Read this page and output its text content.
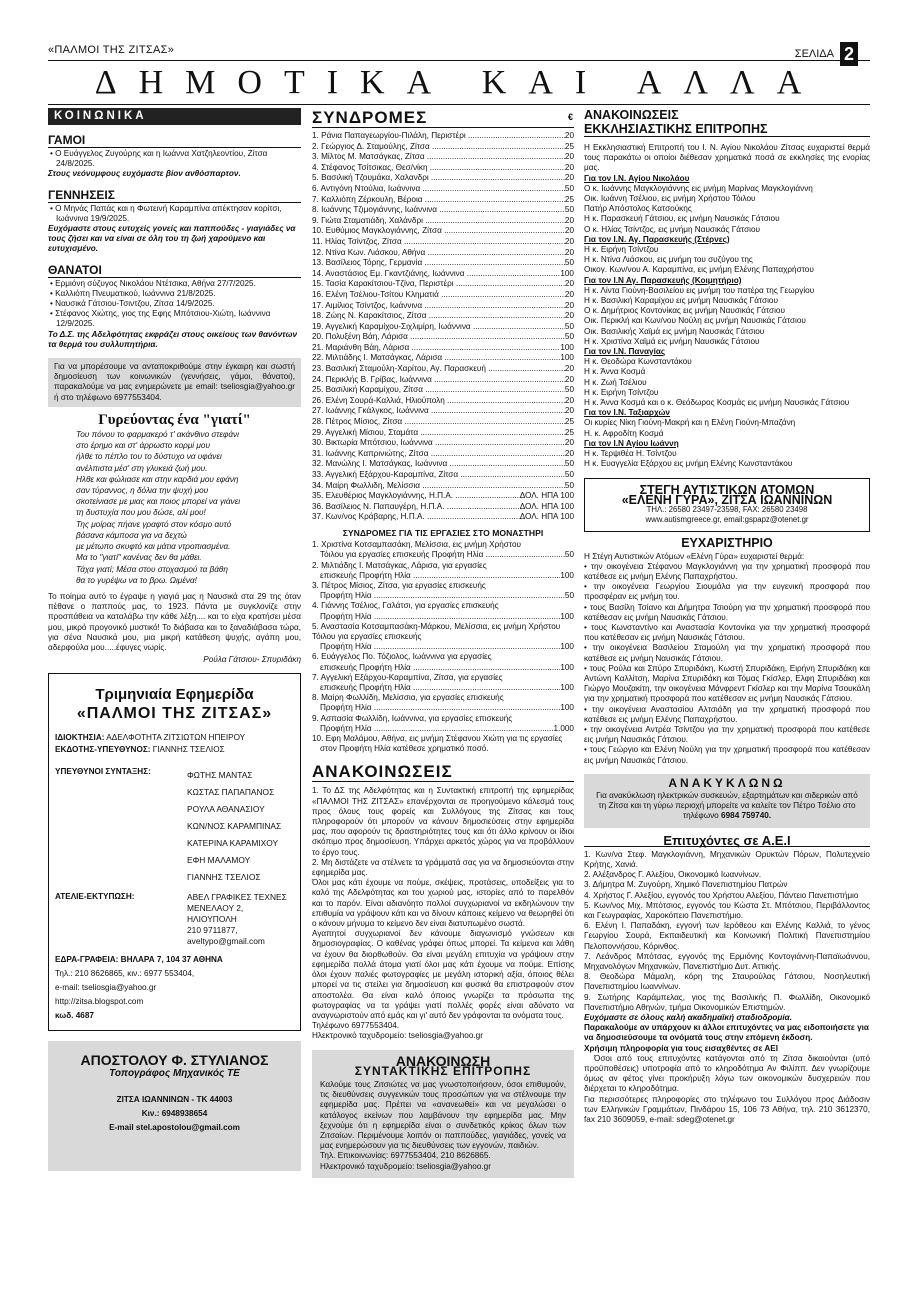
«ΠΑΛΜΟΙ ΤΗΣ ΖΙΤΣΑΣ»	ΣΕΛΙΔΑ 2
ΔΗΜΟΤΙΚΑ ΚΑΙ ΑΛΛΑ
ΚΟΙΝΩΝΙΚΑ
ΓΑΜΟΙ
• Ο Ευάγγελος Ζυγούρης και η Ιωάννα Χατζηλεοντίου, Ζίτσα 24/8/2025.
Στους νεόνυμφους ευχόμαστε βίον ανθόσπαρτον.
ΓΕΝΝΗΣΕΙΣ
• Ο Μηνάς Παπάς και η Φωτεινή Καραμπίνα απέκτησαν κορίτσι, Ιωάννινα 19/9/2025.
Ευχόμαστε στους ευτυχείς γονείς και παππούδες - γιαγιάδες να τους ζήσει και να είναι σε όλη του τη ζωή χαρούμενο και ευτυχισμένο.
ΘΑΝΑΤΟΙ
• Ερμιόνη σύζυγος Νικολάου Ντέτσικα, Αθήνα 27/7/2025.
• Καλλιόπη Πνευματικού, Ιωάννινα 21/8/2025.
• Ναυσικά Γάτσιου-Τσιντζου, Ζίτσα 14/9/2025.
• Στέφανος Χιώτης, γιος της Εφης Μπότσιου-Χιώτη, Ιωάννινα 12/9/2025.
Το Δ.Σ. της Αδελφότητας εκφράζει στους οικείους των θανόντων τα θερμά του συλλυπητήρια.
Για να μπορέσουμε να ανταποκριθούμε στην έγκαιρη και σωστή δημοσίευση των κοινωνικών (γεννήσεις, γάμοι, θάνατοι), παρακαλούμε να μας ενημερώνετε με email: tseliosgia@yahoo.gr ή στο τηλέφωνο 6977553404.
Γυρεύοντας ένα "γιατί"
Του πόνου το φαρμακερό τ' ακάνθινο στεφάνι
στο έρημο και στ' άρρωστο κορμί μου
ήλθε το πέπλο του το δύστυχο να υφάνει
ανέλπιστα μέσ' στη γλυκειά ζωή μου.
Ηλθε και φώλιασε και στην καρδιά μου εφάνη
σαν τύραννος, η δόλια την ψυχή μου
σκοτείνιασε με μιας και ποιος μπορεί να γιάνει
τη δυστυχία που μου δώσε, αλί μου!
Της μοίρας πήανε γραφτό στον κόσμο αυτό
βάσανα κάμποσα για να δεχτώ
με μέτωπο σκυφτό και μάτια ντροπιασμένα.
Μα το "γιατί" κανένας δεν θα μάθει.
Τάχα γιατί; Μέσα στου στοχασμού τα βάθη
θα το γυρέψω να το βρω. Ωιμένα!
Το ποίημα αυτό το έγραψε η γιαγιά μας η Ναυσικά στα 29 της όταν πέθανε ο παππούς μας, το 1923. Πάντα με συγκλονίζε στην προσπάθεια να καταλάβω την κάθε λέξη.... και το είχα κρατήσει μέσα μου, μικρό προγονικό μυστικό! Το διάβασα και το ξαναδιάβασα τώρα, για σένα Ναυσικά μου, μια μικρή κατάθεση ψυχής, αγάπη μου, αδερφούλα μου.....έφυγες νωρίς.
Ρούλα Γάτσιου- Σπυριδάκη
Τριμηνιαία Εφημερίδα
«ΠΑΛΜΟΙ ΤΗΣ ΖΙΤΣΑΣ»
ΙΔΙΟΚΤΗΣΙΑ: ΑΔΕΛΦΟΤΗΤΑ ΖΙΤΣΙΩΤΩΝ ΗΠΕΙΡΟΥ
ΕΚΔΟΤΗΣ-ΥΠΕΥΘΥΝΟΣ: ΓΙΑΝΝΗΣ ΤΣΕΛΙΟΣ
ΥΠΕΥΘΥΝΟΙ ΣΥΝΤΑΞΗΣ:	ΦΩΤΗΣ ΜΑΝΤΑΣ
ΚΩΣΤΑΣ ΠΑΠΑΠΑΝΟΣ
ΡΟΥΛΑ ΑΘΑΝΑΣΙΟΥ
ΚΩΝ/ΝΟΣ ΚΑΡΑΜΠΙΝΑΣ
ΚΑΤΕΡΙΝΑ ΚΑΡΑΜΙΧΟΥ
ΕΦΗ ΜΑΛΑΜΟΥ
ΓΙΑΝΝΗΣ ΤΣΕΛΙΟΣ
ΑΤΕΛΙΕ-ΕΚΤΥΠΩΣΗ:	ΑΒΕΛ ΓΡΑΦΙΚΕΣ ΤΕΧΝΕΣ
ΜΕΝΕΛΑΟΥ 2, ΗΛΙΟΥΠΟΛΗ
210 9711877,
aveltypo@gmail.com
ΕΔΡΑ-ΓΡΑΦΕΙΑ: ΒΗΛΑΡΑ 7, 104 37 ΑΘΗΝΑ
Τηλ.: 210 8626865, κιν.: 6977 553404,
e-mail: tseliosgia@yahoo.gr
http://zitsa.blogspot.com
κωδ. 4687
ΑΠΟΣΤΟΛΟΥ Φ. ΣΤΥΛΙΑΝΟΣ
Τοπογράφος Μηχανικός ΤΕ
ΖΙΤΣΑ ΙΩΑΝΝΙΝΩΝ - ΤΚ 44003
Κιν.: 6948938654
E-mail stel.apostolou@gmail.com
ΣΥΝΔΡΟΜΕΣ	€
1. Ράνια Παπαγεωργίου-Πιλάλη, Περιστέρι .....	20
2. Γεώργιος Δ. Σταμούλης, Ζίτσα .....	25
3. Μίλτος Μ. Ματσάγκας, Ζίτσα .....	20
4. Στέφανος Τσίτσικας, Θεσ/νίκη .....	20
5. Βασιλική Τζουμάκα, Χαλανδρι .....	20
6. Αντιγόνη Ντούλια, Ιωάννινα .....	50
7. Καλλιόπη Ζέρκουλη, Βέροια .....	25
8. Ιωάννης Τζιμογιάννης, Ιωάννινα .....	50
9. Γιώτα Σταματιάδη, Χαλάνδρι .....	20
10. Ευθύμιος Μαγκλογιάννης, Ζίτσα .....	20
11. Ηλίας Τσίντζος, Ζίτσα .....	20
12. Ντίνα Κων. Λιάσκου, Αθήνα .....	20
13. Βασίλειος Τόρης, Γερμανία .....	50
14. Αναστάσιος Εμ. Γκαντζιάνης, Ιωάννινα .....	100
15. Τασία Καρακίτσιου-Τζίνα, Περιστέρι .....	20
16. Ελένη Τσέλιου-Τσίτου Κληματιά .....	20
17. Αιμίλιος Τσίντζος, Ιωάννινα .....	20
18. Ζώης Ν. Καρακίτσιος, Ζίτσα .....	20
19. Αγγελική Καραμίχου-Σιχλιμίρη, Ιωάννινα .....	50
20. Πολυξένη Βάη, Λάρισα .....	50
21. Μαριάνθη Βάη, Λάρισα .....	100
22. Μιλτιάδης Ι. Ματσάγκας, Λάρισα .....	100
23. Βασιλική Σταμούλη-Χαρίτου, Αγ. Παρασκευή .....	20
24. Περικλής Β. Γρίβας, Ιωάννινα .....	20
25. Βασιλική Καραμίχου, Ζίτσα .....	50
26. Ελένη Σουρά-Καλλιά, Ηλιούπολη .....	20
27. Ιωάννης Γκάλγκος, Ιωάννινα .....	20
28. Πέτρος Μίσιος, Ζίτσα .....	25
29. Αγγελική Μίσιου, Σταμάτα .....	25
30. Βικτωρία Μπότσιου, Ιωάννινα .....	20
31. Ιωάννης Καπρινιώτης, Ζίτσα .....	20
32. Μανώλης Ι. Ματσάγκας, Ιωάννινα .....	50
33. Αγγελική Εξάρχου-Καραμπίνα, Ζίτσα .....	50
34. Μαίρη Φωλλιδη, Μελίσσια .....	50
35. Ελευθέριος Μαγκλογιάννης, Η.Π.Α. .....	ΔΟΛ. ΗΠΑ 100
36. Βασίλειος Ν. Παπαυγέρη, Η.Π.Α. .....	ΔΟΛ. ΗΠΑ 100
37. Κων/νος Κράβαρης, Η.Π.Α. .....	ΔΟΛ. ΗΠΑ 100
ΣΥΝΔΡΟΜΕΣ ΓΙΑ ΤΙΣ ΕΡΓΑΣΙΕΣ ΣΤΟ ΜΟΝΑΣΤΗΡΙ
1. Χριστίνα Κοτσαμπασάκη, Μελίσσια, εις μνήμη Χρήστου
Τόιλου για εργασίες επισκευής Προφήτη Ηλία .....	50
2. Μιλτιάδης Ι. Ματσάγκας, Λάρισα, για εργασίες
επισκευής Προφήτη Ηλία .....	100
3. Πέτρος Μίσιος, Ζίτσα, για εργασίες επισκευής
Προφήτη Ηλία .....	50
4. Γιάννης Τσέλιος, Γαλάτσι, για εργασίες επισκευής
Προφήτη Ηλία .....	100
5. Αναστασία Κοτσαμπασάκη-Μάρκου, Μελίσσια, εις μνήμη Χρήστου Τόιλου για εργασίες επισκευής
Προφήτη Ηλία .....	100
6. Ευάγγελος Πο. Τόζιολος, Ιωάννινα για εργασίες
επισκευής Προφήτη Ηλία .....	100
7. Αγγελική Εξάρχου-Καραμπίνα, Ζίτσα, για εργασίες
επισκευής Προφήτη Ηλία .....	100
8. Μαίρη Φωλλίδη, Μελίσσια, για εργασίες επισκευής
Προφήτη Ηλία .....	100
9. Ασπασία Φωλλίδη, Ιωάννινα, για εργασίες επισκευής
Προφήτη Ηλία .....	1.000
10. Εφη Μαλάμου, Αθήνα, εις μνήμη Στέφανου Χιώτη για τις εργασίες στον Προφήτη Ηλία κατέθεσε χρηματικό ποσό.
ΑΝΑΚΟΙΝΩΣΕΙΣ
1. Το ΔΣ της Αδελφότητας και η Συντακτική επιτροπή της εφημερίδας «ΠΑΛΜΟΙ ΤΗΣ ΖΙΤΣΑΣ» επανέρχονται σε προηγούμενο κάλεσμά τους προς όλους τους φορείς και Συλλόγους της Ζίτσας και τους πληροφορούν ότι μπορούν να κάνουν δημοσιεύσεις στην εφημερίδα μας, που αφορούν τις δραστηριότητες τους και ότι άλλο κρίνουν οι ίδιοι σκόπιμο προς δημοσίευση. Υπάρχει αρκετός χώρος για να προβάλλουν το έργο τους.
2. Μη διστάζετε να στέλνετε τα γράμματά σας για να δημοσιεύονται στην εφημερίδα μας.
Όλοι μας κάτι έχουμε να πούμε, σκέψεις, προτάσεις, υποδείξεις για το καλό της Αδελφότητας και του χωριού μας, ιστορίες από το παρελθόν και το παρόν. Είναι αδιανόητο πολλοί συγχωριανοί να εκδηλώνουν την επιθυμία να γράψουν κάτι και να δίνουν κάποιες κείμενο να θεωρηθεί ότι ο κάνουν μήνυμα το κείμενο δεν είναι διατυπωμένο σωστά.
Αγαπητοί συγχωριανοί δεν κάνουμε διαγωνισμό γνώσεων και δημοσιογραφίας. Ο καθένας γράφει όπως μπορεί. Τα κείμενα και λάθη να έχουν θα διορθωθούν. Θα είναι μεγάλη επιτυχία να γράψουν στην εφημερίδα πολλά άτομα γιατί όλοι μας κάτι έχουμε να πούμε. Επίσης όλοι έχουν παλιές φωτογραφίες με μεγάλη ιστορική αξία, όποιος θέλει μπορεί να τις στείλει για δημοσίευση και φυσικά θα επιστραφούν στον αποστολέα. Θα είναι καλό όποιος γνωρίζει τα πρόσωπα της φωτογραφίας να τα γράψει γιατί πολλές φορές είναι αδύνατο να αναγνωριστούν από εμάς και γι' αυτό δεν γράφονται τα ονόματα τους.
Τηλέφωνο 6977553404.
Ηλεκτρονικό ταχυδρομείο: tseliosgia@yahoo.gr
ΑΝΑΚΟΙΝΩΣΗ
ΣΥΝΤΑΚΤΙΚΗΣ ΕΠΙΤΡΟΠΗΣ
Καλούμε τους Ζιτσιώτες να μας γνωστοποιήσουν, όσοι επιθυμούν, τις διευθύνσεις συγγενικών τους προσώπων για να στέλνουμε την εφημερίδα μας. Πρέπει να «ανανεωθεί» και να μεγαλώσει ο κατάλογος εκείνων που λαμβάνουν την εφημερίδα μας. Μην ξεχνούμε ότι η εφημερίδα είναι ο συνδετικός κρίκος όλων των Ζιτσαίων. Περιμένουμε λοιπόν οι παππούδες, γιαγιάδες, γονείς να μας ενημερώσουν για τις διευθύνσεις των εγγονών, παιδιών.
Τηλ. Επικοινωνίας: 6977553404, 210 8626865.
Ηλεκτρονικό ταχυδρομείο: tseliosgia@yahoo.gr
ΑΝΑΚΟΙΝΩΣΕΙΣ
ΕΚΚΛΗΣΙΑΣΤΙΚΗΣ ΕΠΙΤΡΟΠΗΣ
Η Εκκλησιαστική Επιτροπή του Ι. Ν. Αγίου Νικολάου Ζίτσας ευχαριστεί θερμά τους παρακάτω οι οποίοι διέθεσαν χρηματικά ποσά σε εκκλησίες της ενορίας μας.
Για τον Ι.Ν. Αγίου Νικολάου
Ο κ. Ιωάννης Μαγκλογιάννης εις μνήμη Μαρίνας Μαγκλογιάννη
Οικ. Ιωάννη Τσέλιου, εις μνήμη Χρήστου Τόιλου
Πατήρ Απόστολος Κατσούκης
Η κ. Παρασκευή Γάτσιου, εις μνήμη Ναυσικάς Γάτσιου
Ο κ. Ηλίας Τσίντζος, εις μνήμη Ναυσικάς Γάτσιου
Για τον Ι.Ν. Αγ. Παρασκευής (Στέρνες)
Η κ. Ειρήνη Τσίντζου
Η κ. Ντίνα Λιάσκου, εις μνήμη του συζύγου της
Οικογ. Κων/νου Α. Καραμπίνα, εις μνήμη Ελένης Παπαχρήστου
Για τον Ι.Ν Αγ. Παρασκευής (Κοιμητήριο)
Η κ. Λίντα Γιούνη-Βασιλείου εις μνήμη του πατέρα της Γεωργίου
Η κ. Βασιλική Καραμίχου εις μνήμη Ναυσικάς Γάτσιου
Ο κ. Δημήτριος Κοντονίκας εις μνήμη Ναυσικάς Γάτσιου
Οικ. Περικλή και Κων/νου Νούλη εις μνήμη Ναυσικάς Γάτσιου
Οικ. Βασιλικής Χαϊμά εις μνήμη Ναυσικάς Γάτσιου
Η κ. Χριστίνα Χαϊμά εις μνήμη Ναυσικάς Γάτσιου
Για τον Ι.Ν. Παναγίας
Η κ. Θεοδώρα Κωνσταντάκου
Η κ. Άννα Κοσμά
Η κ. Ζωή Τσέλιου
Η κ. Ειρήνη Τσίντζου
Η κ. Άννα Κοσμά και ο κ. Θεόδωρος Κοσμάς εις μνήμη Ναυσικάς Γάτσιου
Για τον Ι.Ν. Ταξιαρχών
Οι κυρίες Νίκη Γιούνη-Μακρή και η Ελένη Γιούνη-Μπαζάνη
Η. κ. Αφροδίτη Κοσμά
Για τον Ι.Ν Αγίου Ιωάννη
Η κ. Τερψιθέα Η. Τσίντζου
Η κ. Ευαγγελία Εξάρχου εις μνήμη Ελένης Κωνσταντάκου
ΣΤΕΓΗ ΑΥΤΙΣΤΙΚΩΝ ΑΤΟΜΩΝ
«ΕΛΕΝΗ ΓΥΡΑ», ΖΙΤΣΑ ΙΩΑΝΝΙΝΩΝ
ΤΗΛ.: 26580 23497-23598, FAX: 26580 23498
www.autismgreece.gr, email:gspapz@otenet.gr
ΕΥΧΑΡΙΣΤΗΡΙΟ
Η Στέγη Αυτιστικών Ατόμων «Ελένη Γύρα» ευχαριστεί θερμά:
• την οικογένεια Στέφανου Μαγκλογιάννη για την χρηματική προσφορά που κατέθεσε εις μνήμη Ελένης Παπαχρήστου.
• την οικογένεια Γεωργίου Σιουμάλα για την ευγενική προσφορά που προσφέραν εις μνήμη του.
• τους Βασίλη Τσίανο και Δήμητρα Τσιούρη για την χρηματική προσφορά που κατέθεσαν εις μνήμη Ναυσικάς Γάτσιου.
• τους Κωνσταντίνο και Αναστασία Κοντονίκα για την χρηματική προσφορά που κατέθεσαν εις μνήμη Ναυσικάς Γάτσιου.
• την οικογένεια Βασιλείου Σταμούλη για την χρηματική προσφορά που κατέθεσε εις μνήμη Ναυσικάς Γάτσιου.
• τους Ρούλα και Σπύρο Σπυριδάκη, Κωστή Σπυριδάκη, Ειρήνη Σπυριδάκη και Αντώνη Καλλίτση, Μαρίνα Σπυριδάκη και Τόμας Γκίσλερ, Ελφη Σπυριδάκη και Γιώργο Μουζακίτη, την οικογένεια Μάνφρεντ Γκίσλερ και την Μαρίνα Τσουκάλη για την χρηματική προσφορά που κατέθεσαν εις μνήμη Ναυσικάς Γάτσιου.
• την οικογένεια Αναστασίου Αλτσιάδη για την χρηματική προσφορά που κατέθεσε εις μνήμη Ελένης Παπαχρήστου.
• την οικογένεια Αντρέα Τσίντζου για την χρηματική προσφορά που κατέθεσε εις μνήμη Ναυσικάς Γάτσιου.
• τους Γεώργιο και Ελένη Νούλη για την χρηματική προσφορά που κατέθεσαν εις μνήμη Ναυσικάς Γάτσιου.
ΑΝΑΚΥΚΛΩΝΩ
Για ανακύκλωση ηλεκτρικών συσκευών, εξαρτημάτων και σιδερικών από τη Ζίτσα και τη γύρω περιοχή μπορείτε να καλείτε τον Πέτρο Τσέλιο στο τηλέφωνο 6984 759740.
Επιτυχόντες σε Α.Ε.Ι
1. Κων/να Στεφ. Μαγκλογιάννη, Μηχανικών Ορυκτών Πόρων, Πολυτεχνείο Κρήτης, Χανιά.
2. Αλέξανδρος Γ. Αλεξίου, Οικονομικό Ιωαννίνων.
3. Δήμητρα Μ. Ζυγούρη, Χημικό Πανεπιστημίου Πατρών
4. Χρήστος Γ. Αλεξίου, εγγονός του Χρήστου Αλεξίου, Πάντειο Πανεπιστήμιο
5. Κων/νος Μιχ. Μπότσιος, εγγονός του Κώστα Στ. Μπότσιου, Περιβάλλοντος και Γεωγραφίας, Χαροκόπειο Πανεπιστήμιο.
6. Ελένη Ι. Παπαδάκη, εγγονή των Ιερόθεου και Ελένης Καλλιά, το γένος Γεωργίου Σουρά, Εκπαιδευτική και Κοινωνική Πολιτική Πανεπιστημίου Πελοποννήσου, Κόρινθος.
7. Λεάνδρος Μπότσας, εγγονός της Ερμιόνης Κοντογιάννη-Παπαϊωάννου, Μηχανολόγων Μηχανικών, Πανεπιστήμιο Δυτ. Αττικής.
8. Θεοδώρα Μάμαλη, κόρη της Σταυρούλας Γάτσιου, Νοσηλευτική Πανεπιστημίου Ιωαννίνων.
9. Σωτήρης Καράμπελας, γιος της Βασιλικής Π. Φωλλίδη, Οικονομικό Πανεπιστήμιο Αθηνών, τμήμα Οικονομικών Επιστημών.
Ευχόμαστε σε όλους καλή ακαδημαϊκή σταδιοδρομία.
Παρακαλούμε αν υπάρχουν κι άλλοι επιτυχόντες να μας ειδοποιήσετε για να δημοσιεύσουμε τα ονόματά τους στην επόμενη έκδοση.
Χρήσιμη πληροφορία για τους εισαχθέντες σε ΑΕΙ
Όσοι από τους επιτυχόντες κατάγονται από τη Ζίτσα δικαιούνται (υπό προϋποθέσεις) υποτροφία από το κληροδότημα Αν Φιλίππ. Δεν γνωρίζουμε όμως αν φέτος γίνει προκήρυξη λόγω των οικονομικών δυσχερειών που διέρχεται το κληροδότημα.
Για περισσότερες πληροφορίες στο τηλέφωνο του Συλλόγου προς Διάδοσιν των Ελληνικών Γραμμάτων, Πινδάρου 15, 106 73 Αθήνα, τηλ. 210 3612370, fax 210 3609059, e-mail: sdeg@otenet.gr
